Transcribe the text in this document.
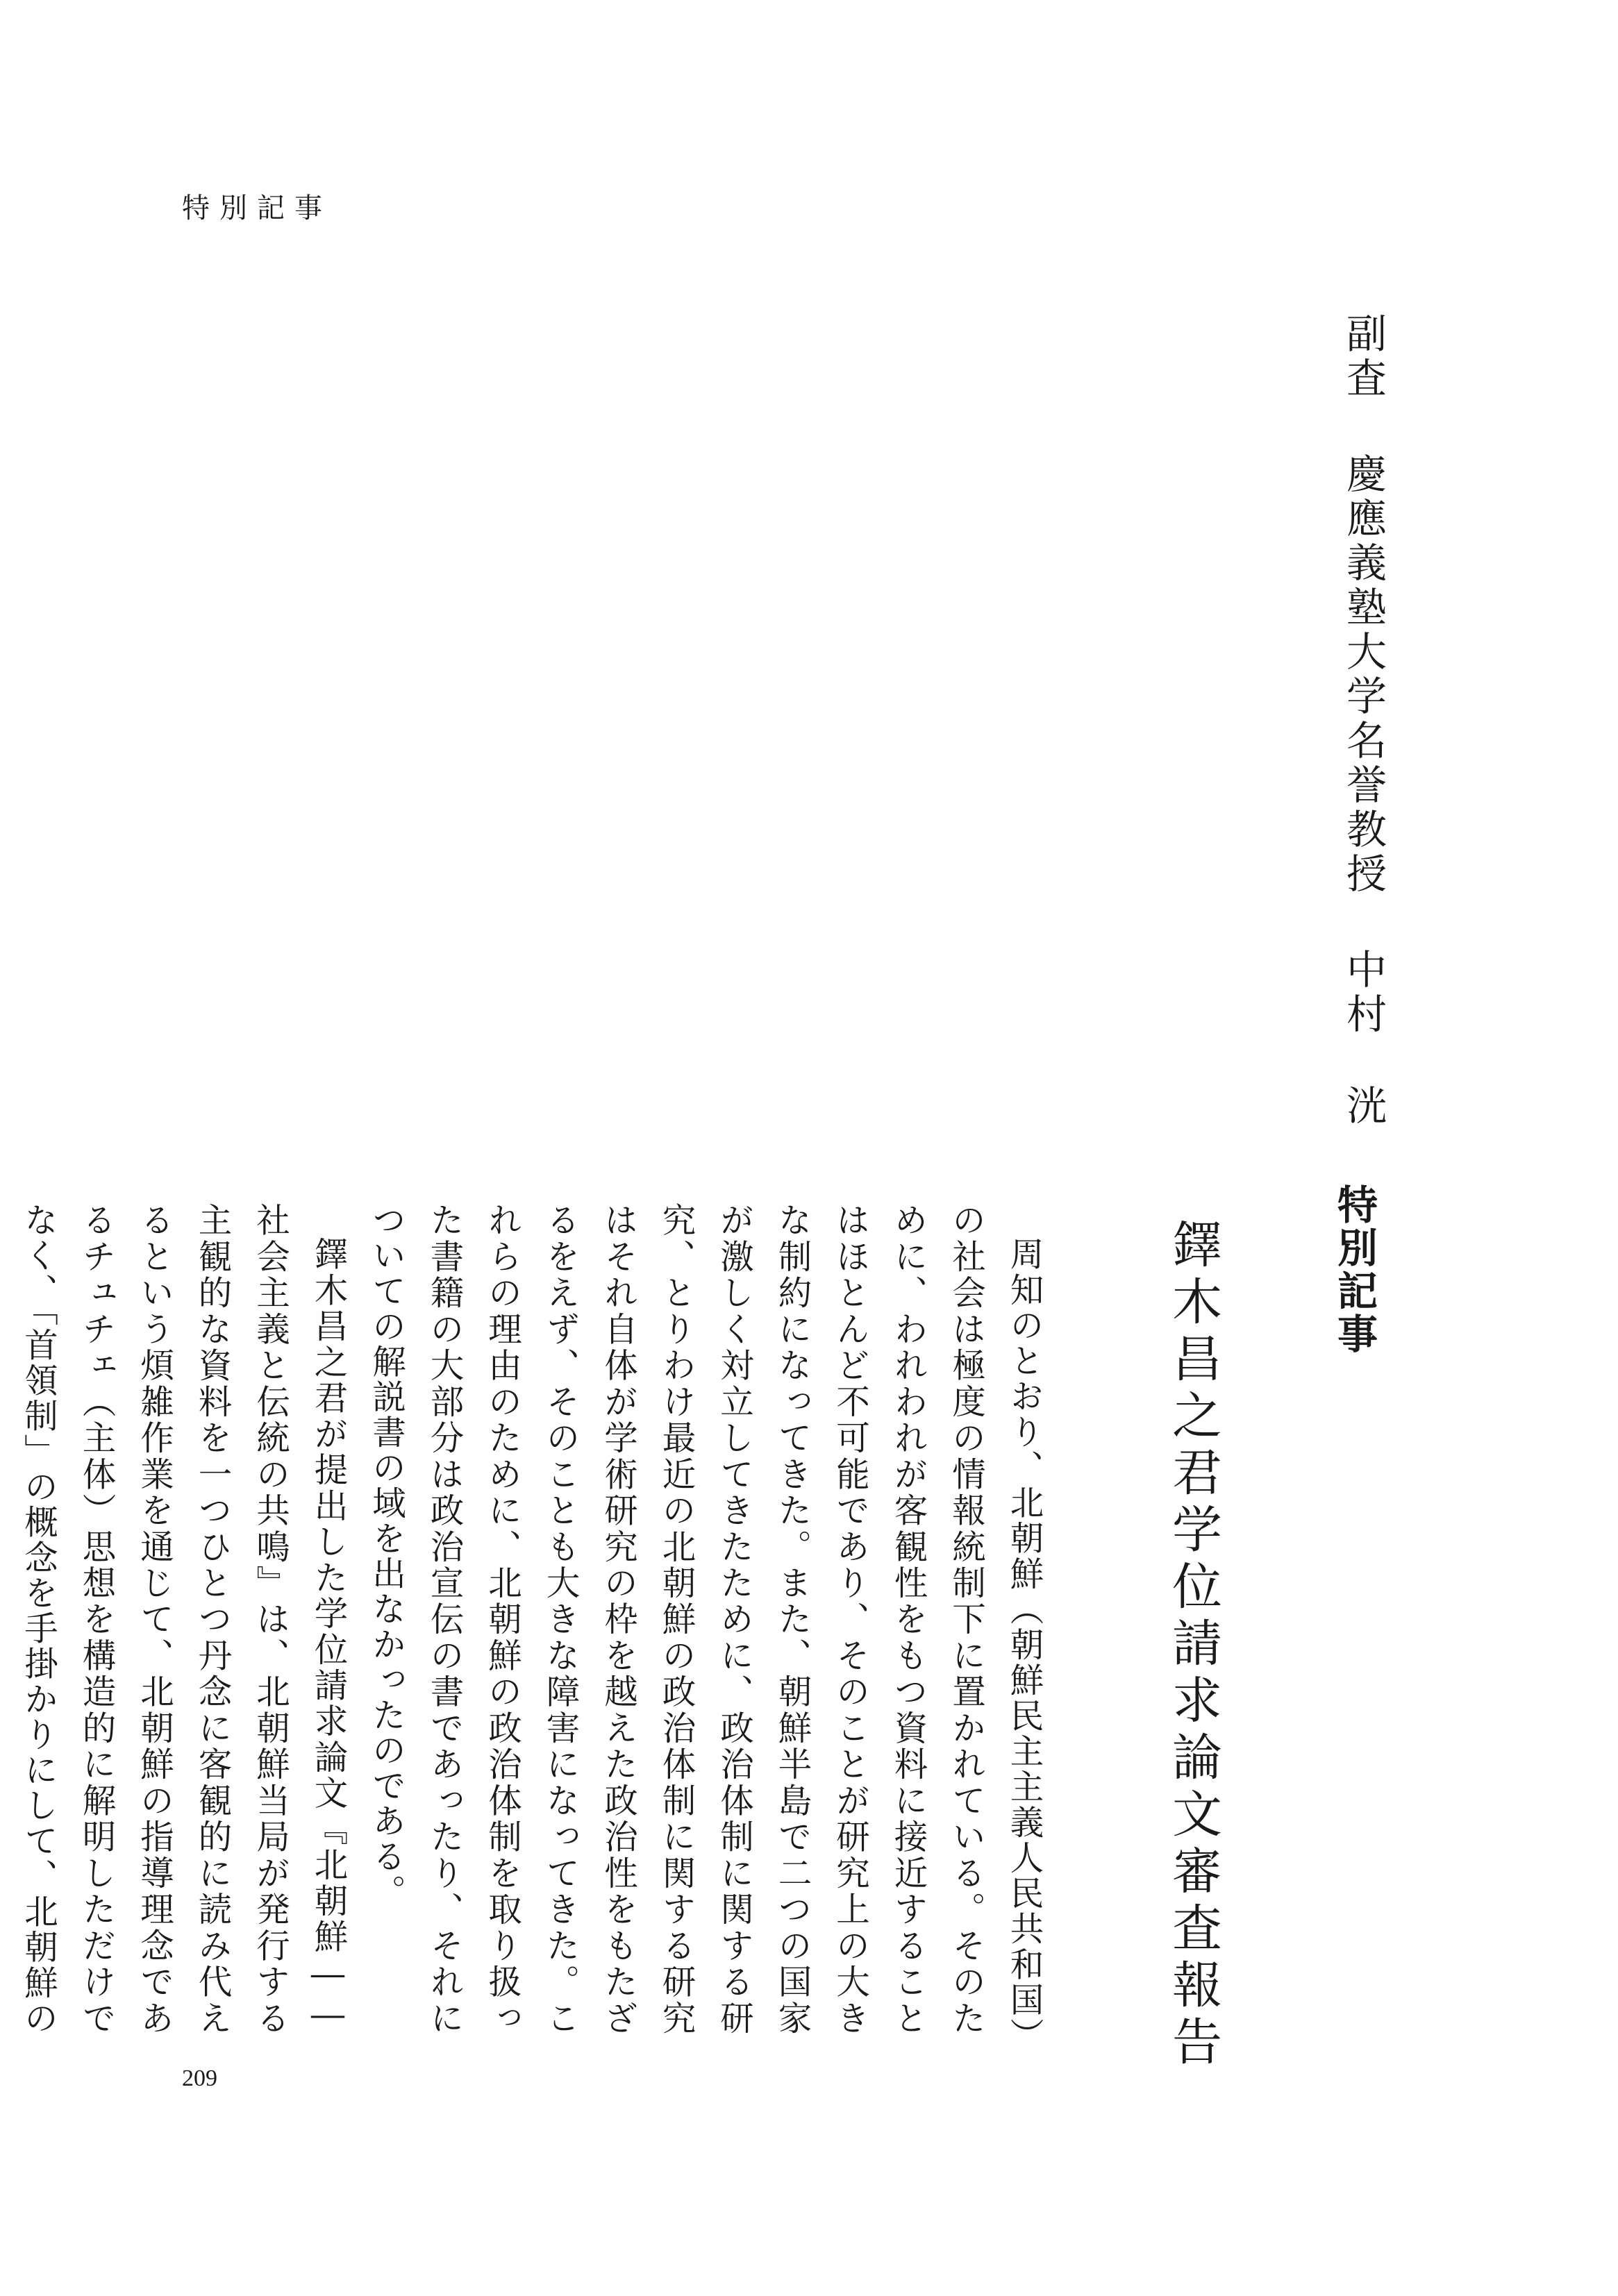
特別記事
副査慶應義塾大学名誉教授中村洸
特別記事
鐸木昌之君学位請求論文審査報告

周知のとおり、北朝鮮（朝鮮民主主義人民共和国）の社会は極度の情報統制下に置かれている。そのために、われわれが客観性をもつ資料に接近することはほとんど不可能であり、そのことが研究上の大きな制約になってきた。また、朝鮮半島で二つの国家が激しく対立してきたために、政治体制に関する研究、とりわけ最近の北朝鮮の政治体制に関する研究はそれ自体が学術研究の枠を越えた政治性をもたざるをえず、そのことも大きな障害になってきた。これらの理由のために、北朝鮮の政治体制を取り扱った書籍の大部分は政治宣伝の書であったり、それについての解説書の域を出なかったのである。

鐸木昌之君が提出した学位請求論文『北朝鮮――社会主義と伝統の共鳴』は、北朝鮮当局が発行する主観的な資料を一つひとつ丹念に客観的に読み代えるという煩雑作業を通じて、北朝鮮の指導理念であるチュチェ（主体）思想を構造的に解明しただけでなく、「首領制」の概念を手掛かりにして、北朝鮮の

209
